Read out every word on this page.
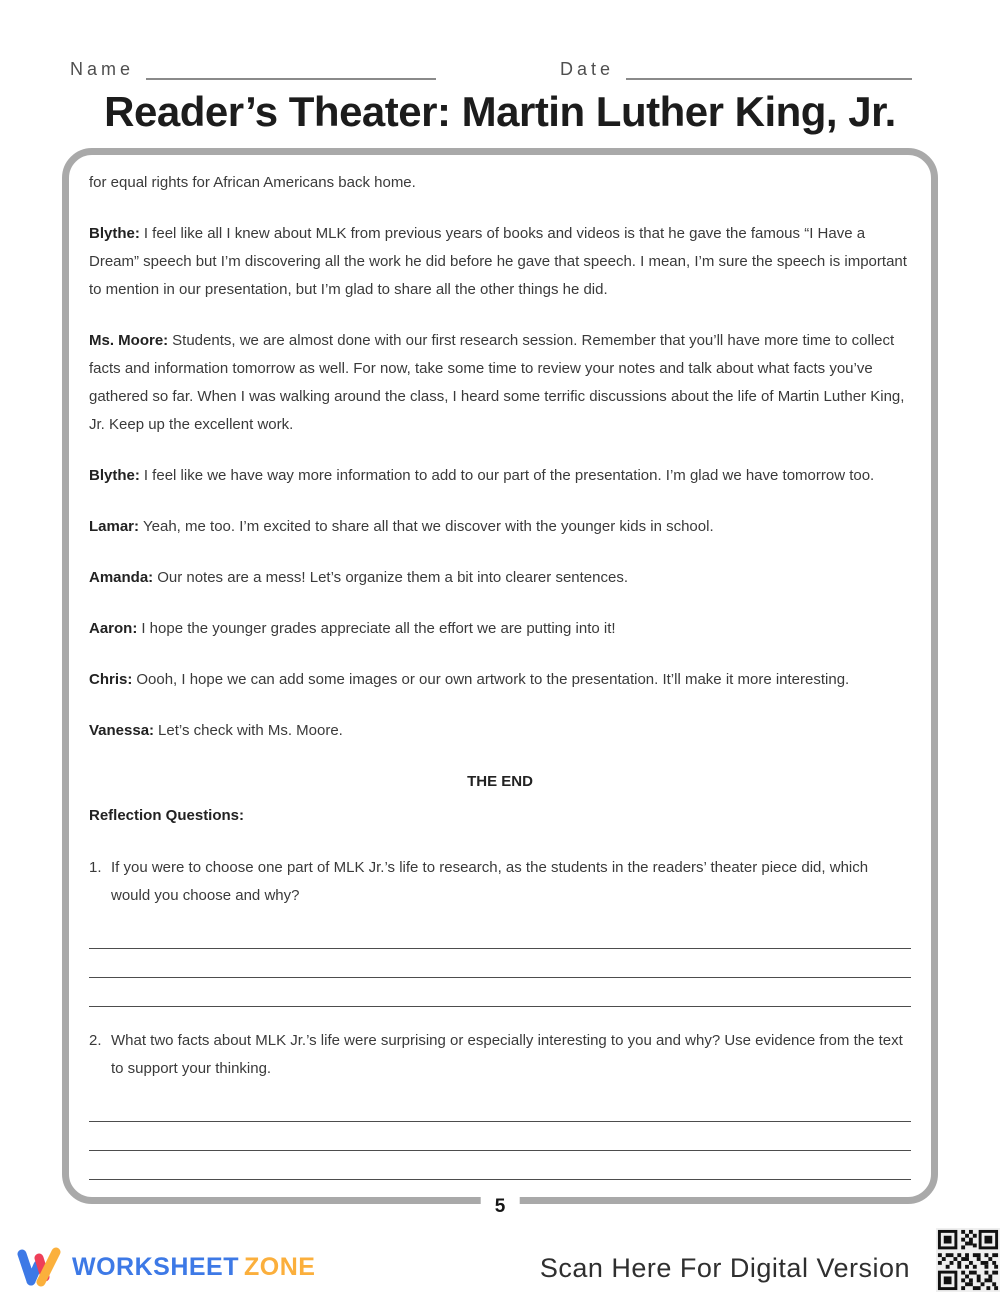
Name	Date
Reader’s Theater: Martin Luther King, Jr.

for equal rights for African Americans back home.

Blythe: I feel like all I knew about MLK from previous years of books and videos is that he gave the famous “I Have a Dream” speech but I’m discovering all the work he did before he gave that speech. I mean, I’m sure the speech is important to mention in our presentation, but I’m glad to share all the other things he did.

Ms. Moore: Students, we are almost done with our first research session. Remember that you’ll have more time to collect facts and information tomorrow as well. For now, take some time to review your notes and talk about what facts you’ve gathered so far. When I was walking around the class, I heard some terrific discussions about the life of Martin Luther King, Jr. Keep up the excellent work.

Blythe: I feel like we have way more information to add to our part of the presentation. I’m glad we have tomorrow too.

Lamar: Yeah, me too. I’m excited to share all that we discover with the younger kids in school.

Amanda: Our notes are a mess! Let’s organize them a bit into clearer sentences.

Aaron: I hope the younger grades appreciate all the effort we are putting into it!

Chris: Oooh, I hope we can add some images or our own artwork to the presentation. It’ll make it more interesting.

Vanessa: Let’s check with Ms. Moore.

THE END

Reflection Questions:

1. If you were to choose one part of MLK Jr.’s life to research, as the students in the readers’ theater piece did, which would you choose and why?
2. What two facts about MLK Jr.’s life were surprising or especially interesting to you and why? Use evidence from the text to support your thinking.
5
WORKSHEET ZONE	Scan Here For Digital Version
